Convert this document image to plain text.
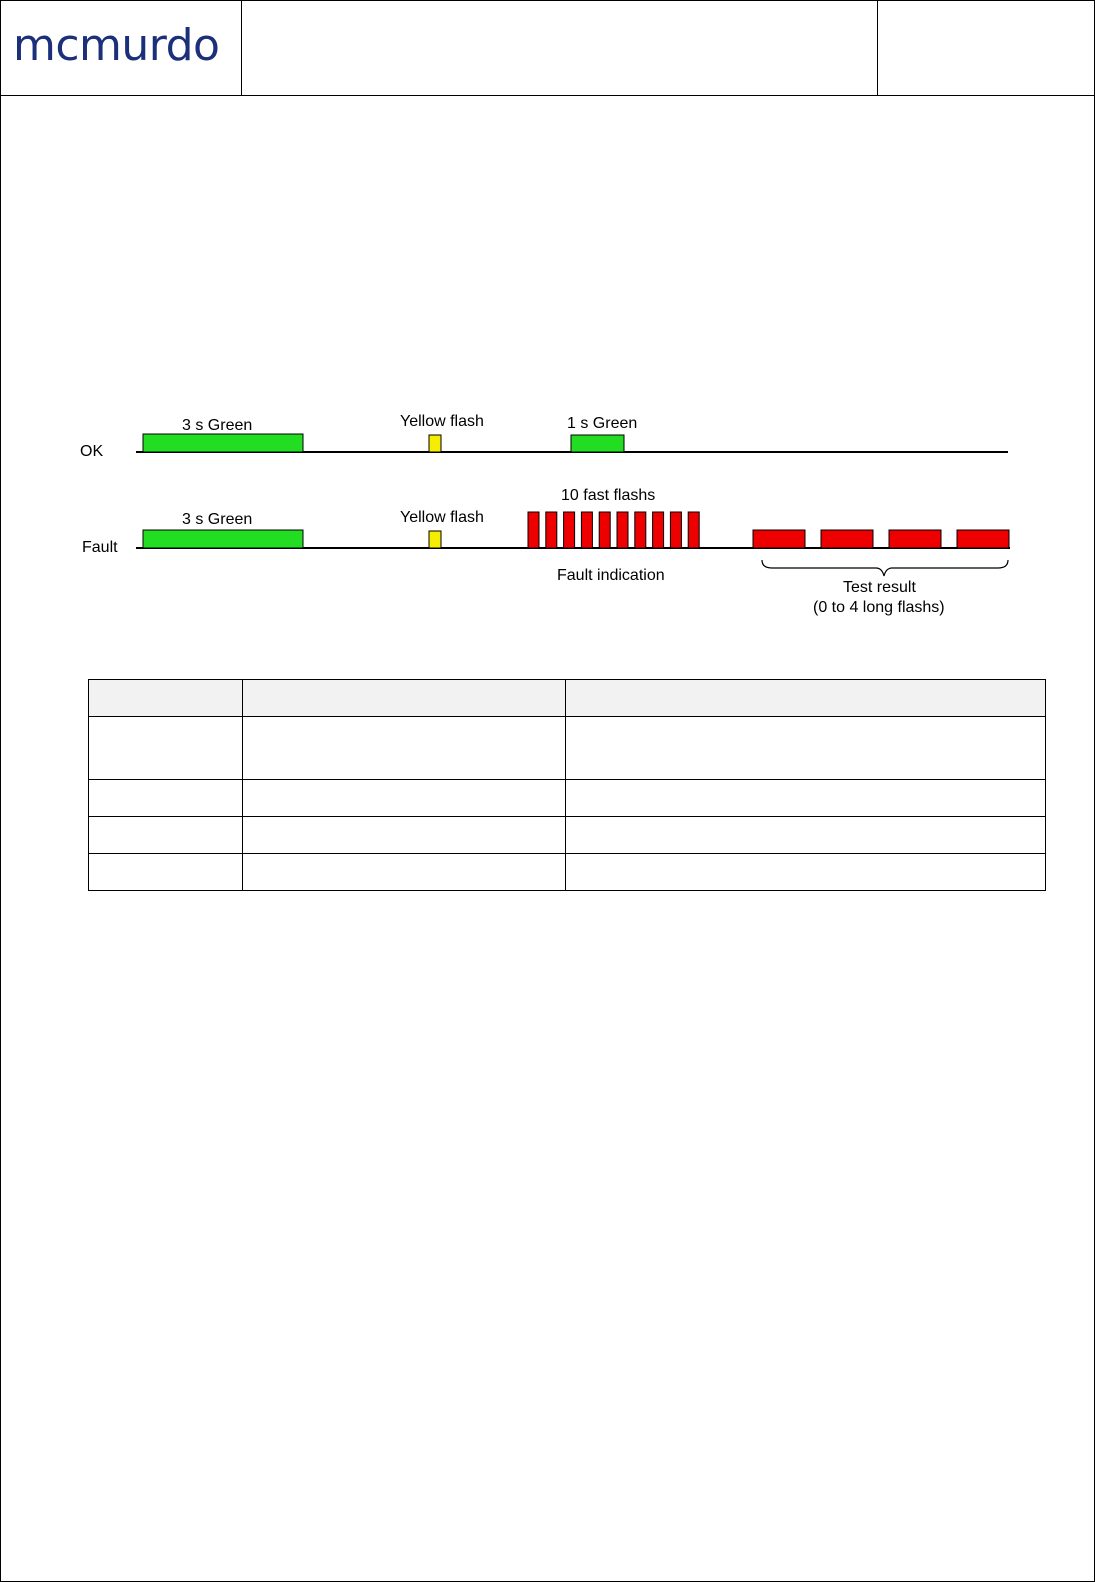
mcmurdo
OK
3 s Green	Yellow flash	1 s Green
Fault
3 s Green	Yellow flash
10 fast flashs
Fault indication
Test result
(0 to 4 long flashs)
